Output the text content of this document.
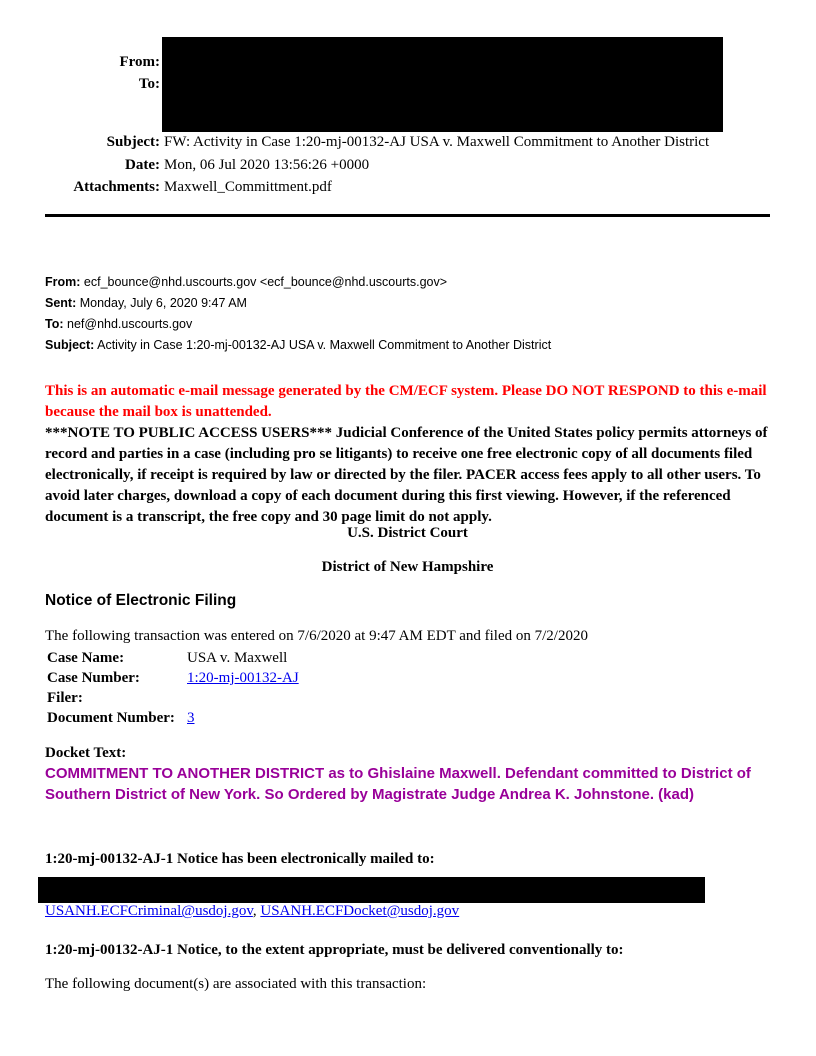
From:
To:
Subject: FW: Activity in Case 1:20-mj-00132-AJ USA v. Maxwell Commitment to Another District
Date: Mon, 06 Jul 2020 13:56:26 +0000
Attachments: Maxwell_Committment.pdf
From: ecf_bounce@nhd.uscourts.gov <ecf_bounce@nhd.uscourts.gov>
Sent: Monday, July 6, 2020 9:47 AM
To: nef@nhd.uscourts.gov
Subject: Activity in Case 1:20-mj-00132-AJ USA v. Maxwell Commitment to Another District
This is an automatic e-mail message generated by the CM/ECF system. Please DO NOT RESPOND to this e-mail because the mail box is unattended.
***NOTE TO PUBLIC ACCESS USERS*** Judicial Conference of the United States policy permits attorneys of record and parties in a case (including pro se litigants) to receive one free electronic copy of all documents filed electronically, if receipt is required by law or directed by the filer. PACER access fees apply to all other users. To avoid later charges, download a copy of each document during this first viewing. However, if the referenced document is a transcript, the free copy and 30 page limit do not apply.
U.S. District Court
District of New Hampshire
Notice of Electronic Filing
The following transaction was entered on 7/6/2020 at 9:47 AM EDT and filed on 7/2/2020
Case Name:	USA v. Maxwell
Case Number:	1:20-mj-00132-AJ
Filer:
Document Number: 3
Docket Text:
COMMITMENT TO ANOTHER DISTRICT as to Ghislaine Maxwell. Defendant committed to District of Southern District of New York. So Ordered by Magistrate Judge Andrea K. Johnstone. (kad)
1:20-mj-00132-AJ-1 Notice has been electronically mailed to:
USANH.ECFCriminal@usdoj.gov, USANH.ECFDocket@usdoj.gov
1:20-mj-00132-AJ-1 Notice, to the extent appropriate, must be delivered conventionally to:
The following document(s) are associated with this transaction:
